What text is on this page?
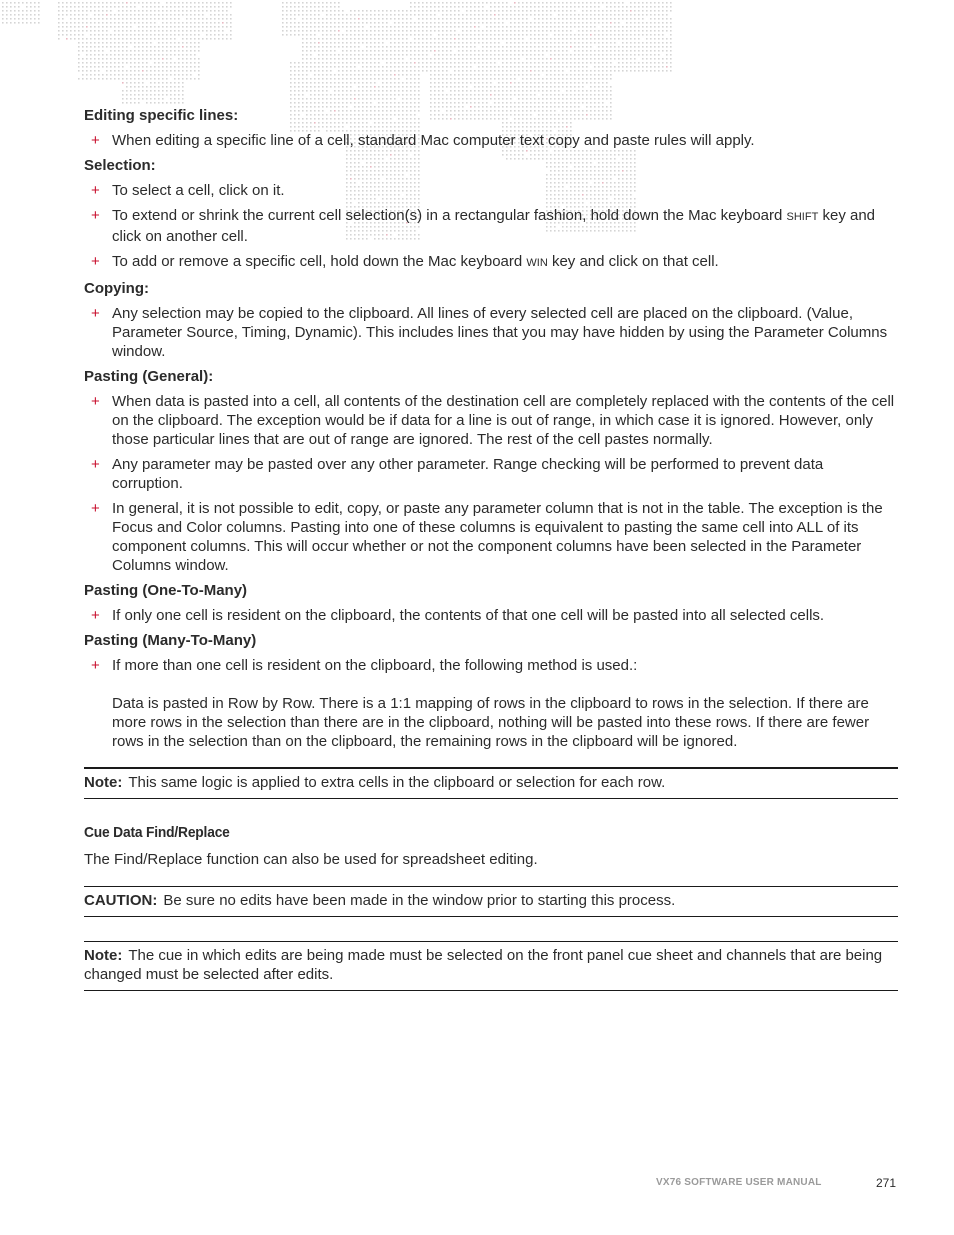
Editing specific lines:
+ When editing a specific line of a cell, standard Mac computer text copy and paste rules will apply.
Selection:
+ To select a cell, click on it.
+ To extend or shrink the current cell selection(s) in a rectangular fashion, hold down the Mac keyboard SHIFT key and click on another cell.
+ To add or remove a specific cell, hold down the Mac keyboard WIN key and click on that cell.
Copying:
+ Any selection may be copied to the clipboard. All lines of every selected cell are placed on the clipboard. (Value, Parameter Source, Timing, Dynamic). This includes lines that you may have hidden by using the Parameter Columns window.
Pasting (General):
+ When data is pasted into a cell, all contents of the destination cell are completely replaced with the contents of the cell on the clipboard. The exception would be if data for a line is out of range, in which case it is ignored. However, only those particular lines that are out of range are ignored. The rest of the cell pastes normally.
+ Any parameter may be pasted over any other parameter. Range checking will be performed to prevent data corruption.
+ In general, it is not possible to edit, copy, or paste any parameter column that is not in the table. The exception is the Focus and Color columns. Pasting into one of these columns is equivalent to pasting the same cell into ALL of its component columns. This will occur whether or not the component columns have been selected in the Parameter Columns window.
Pasting (One-To-Many)
+ If only one cell is resident on the clipboard, the contents of that one cell will be pasted into all selected cells.
Pasting (Many-To-Many)
+ If more than one cell is resident on the clipboard, the following method is used.:
Data is pasted in Row by Row. There is a 1:1 mapping of rows in the clipboard to rows in the selection. If there are more rows in the selection than there are in the clipboard, nothing will be pasted into these rows. If there are fewer rows in the selection than on the clipboard, the remaining rows in the clipboard will be ignored.
Note: This same logic is applied to extra cells in the clipboard or selection for each row.
Cue Data Find/Replace
The Find/Replace function can also be used for spreadsheet editing.
CAUTION: Be sure no edits have been made in the window prior to starting this process.
Note: The cue in which edits are being made must be selected on the front panel cue sheet and channels that are being changed must be selected after edits.
VX76 SOFTWARE USER MANUAL	271
